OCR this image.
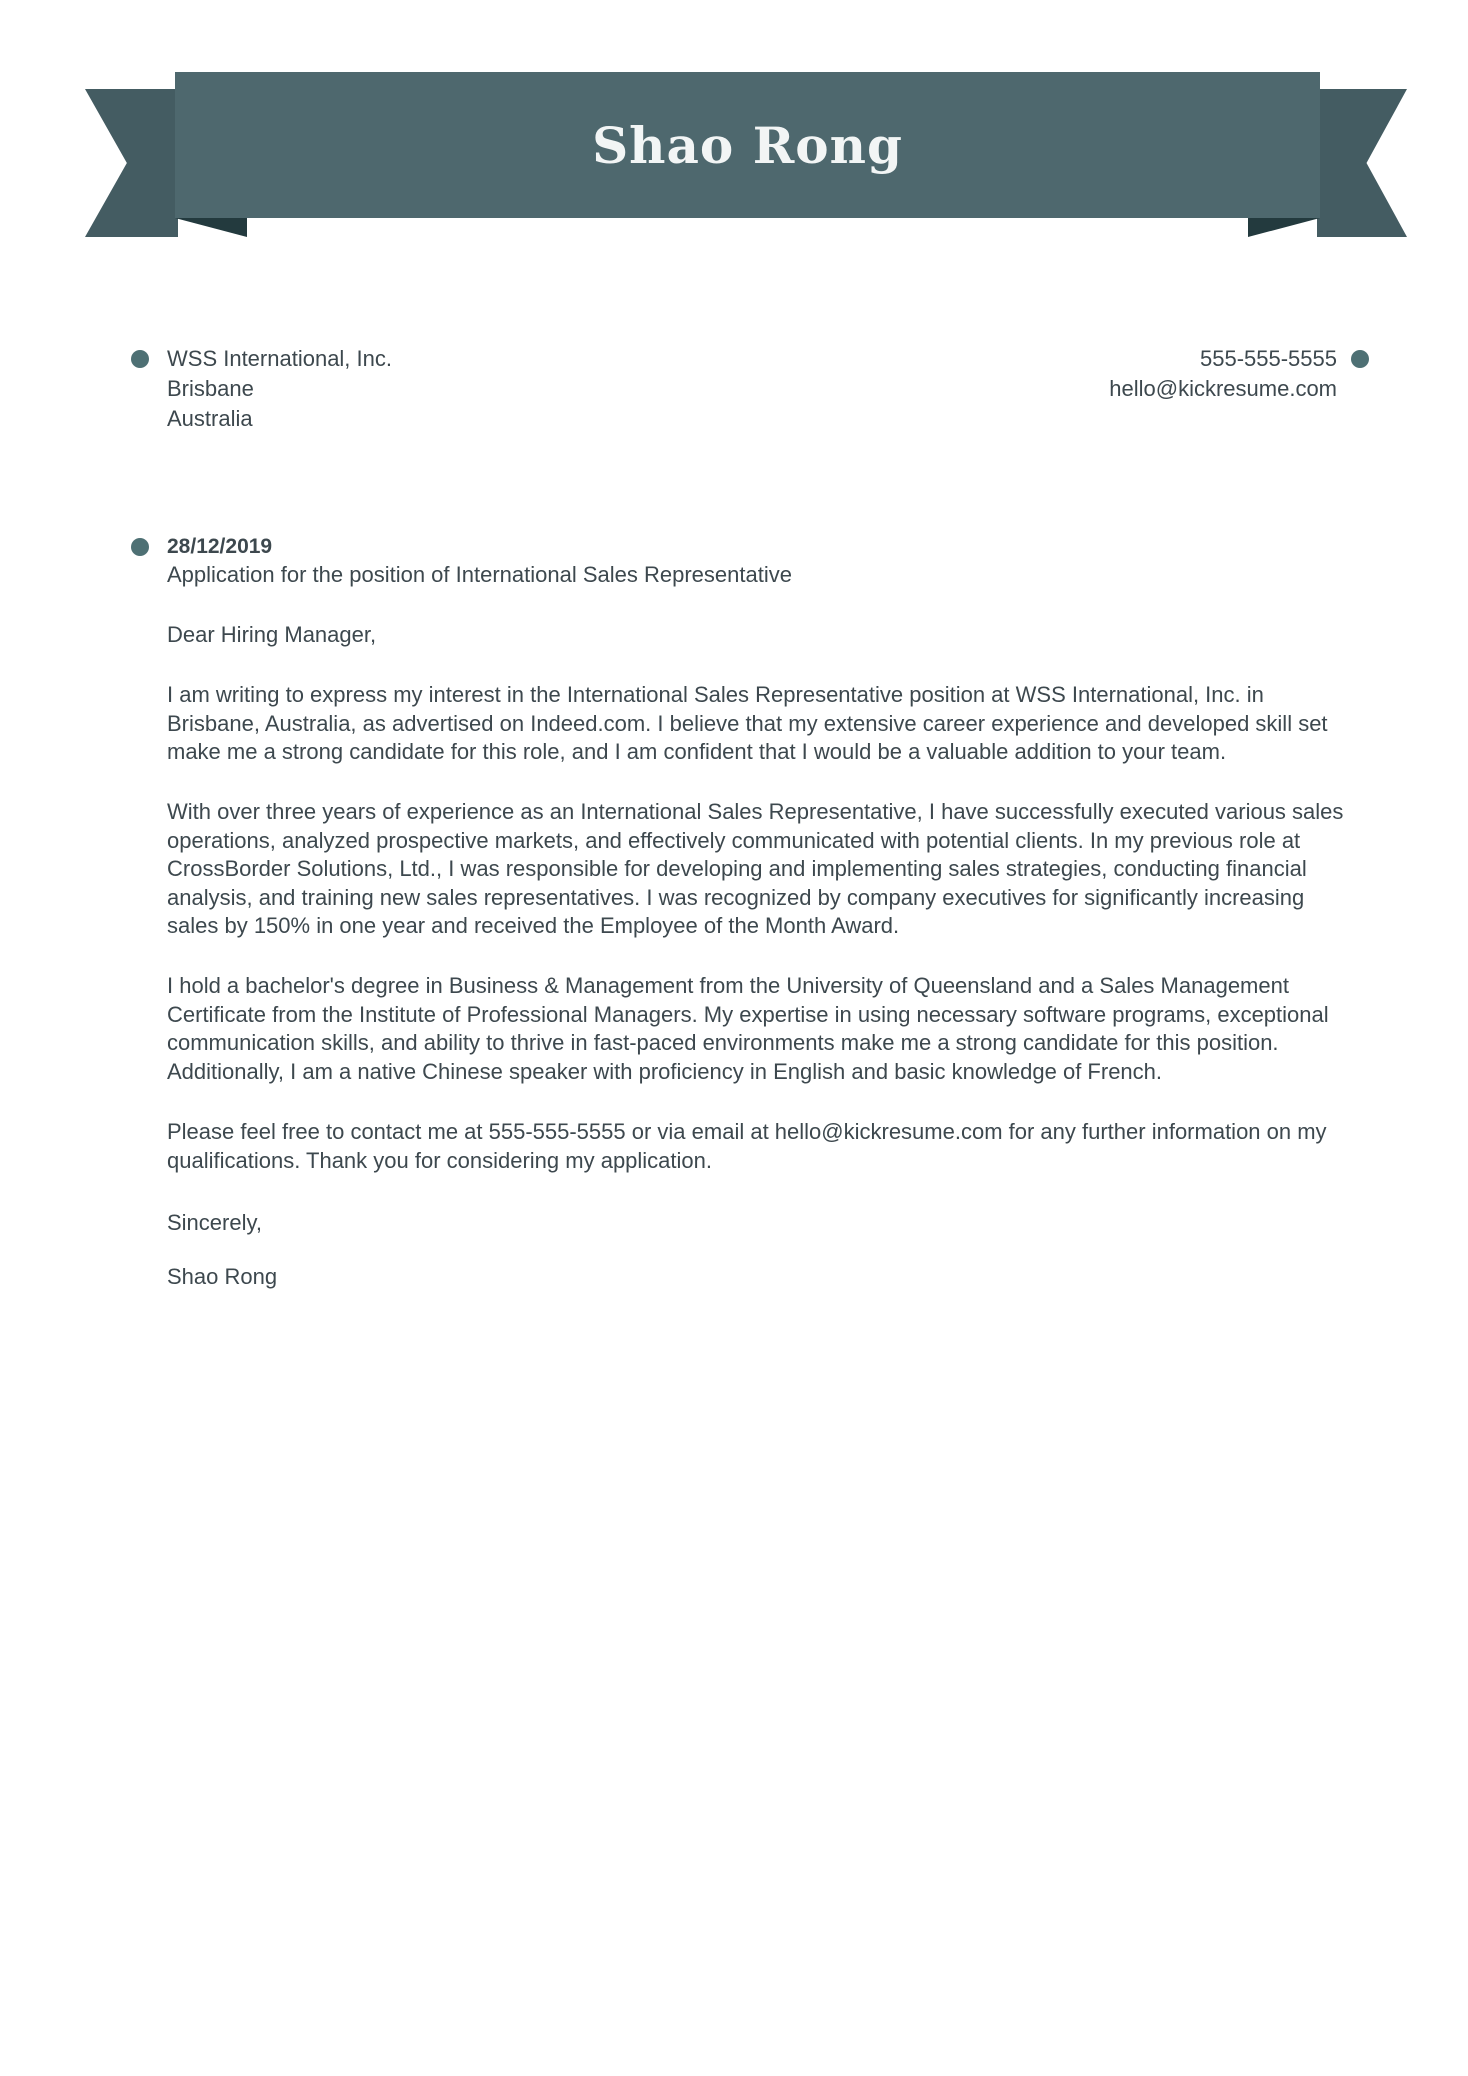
Shao Rong
WSS International, Inc.
Brisbane
Australia
555-555-5555
hello@kickresume.com
28/12/2019
Application for the position of International Sales Representative
Dear Hiring Manager,

I am writing to express my interest in the International Sales Representative position at WSS International, Inc. in Brisbane, Australia, as advertised on Indeed.com. I believe that my extensive career experience and developed skill set make me a strong candidate for this role, and I am confident that I would be a valuable addition to your team.

With over three years of experience as an International Sales Representative, I have successfully executed various sales operations, analyzed prospective markets, and effectively communicated with potential clients. In my previous role at CrossBorder Solutions, Ltd., I was responsible for developing and implementing sales strategies, conducting financial analysis, and training new sales representatives. I was recognized by company executives for significantly increasing sales by 150% in one year and received the Employee of the Month Award.

I hold a bachelor's degree in Business & Management from the University of Queensland and a Sales Management Certificate from the Institute of Professional Managers. My expertise in using necessary software programs, exceptional communication skills, and ability to thrive in fast-paced environments make me a strong candidate for this position. Additionally, I am a native Chinese speaker with proficiency in English and basic knowledge of French.

Please feel free to contact me at 555-555-5555 or via email at hello@kickresume.com for any further information on my qualifications. Thank you for considering my application.

Sincerely,
Shao Rong
